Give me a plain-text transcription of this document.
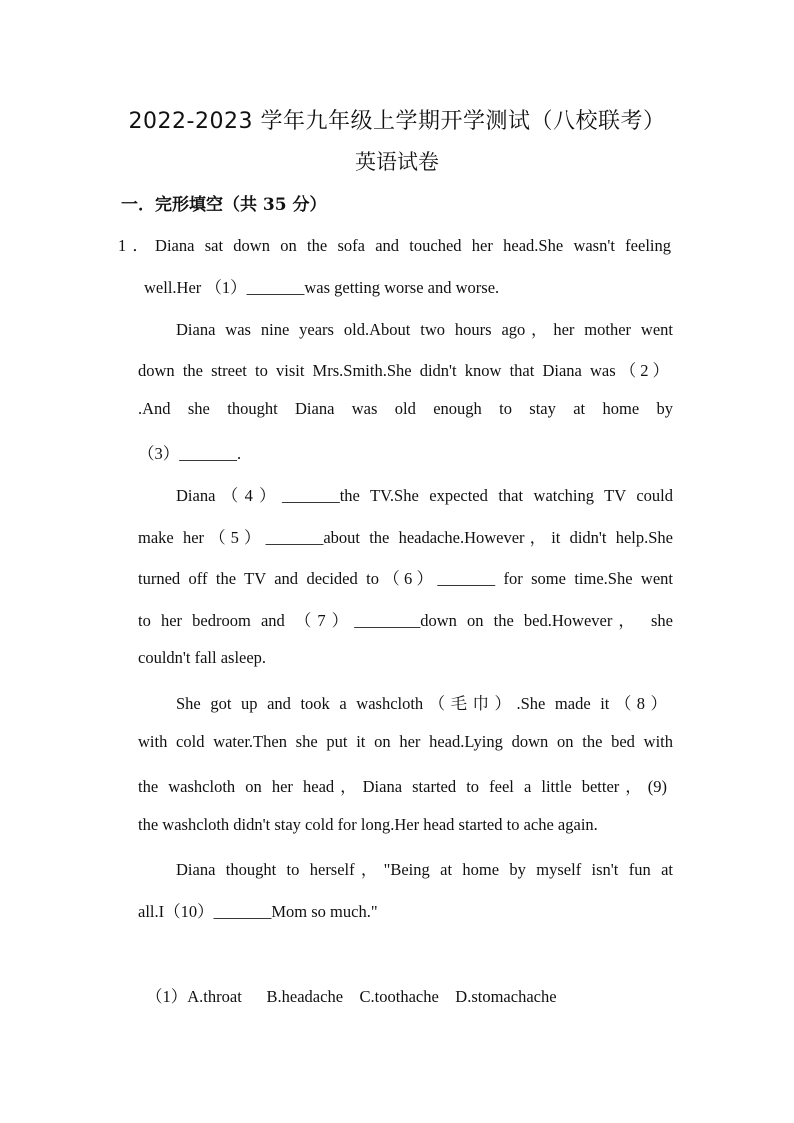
2022-2023 学年九年级上学期开学测试（八校联考）
英语试卷
一．完形填空（共 35 分）
1．Diana sat down on the sofa and touched her head.She wasn't feeling
well.Her （1）_______was getting worse and worse.
Diana was nine years old.About two hours ago，her mother went
down the street to visit Mrs.Smith.She didn't know that Diana was（2）
.And she thought Diana was old enough to stay at home by
（3）_______.
Diana（4）_______the TV.She expected that watching TV could
make her（5）_______about the headache.However，it didn't help.She
turned off the TV and decided to（6）_______ for some time.She went
to her bedroom and （7）________down on the bed.However， she
couldn't fall asleep.
She got up and took a washcloth（毛巾）.She made it（8）
with cold water.Then she put it on her head.Lying down on the bed with
the washcloth on her head，Diana started to feel a little better，(9)
the washcloth didn't stay cold for long.Her head started to ache again.
Diana thought to herself，"Being at home by myself isn't fun at
all.I（10）_______Mom so much."
（1）A.throat      B.headache    C.toothache    D.stomachache
